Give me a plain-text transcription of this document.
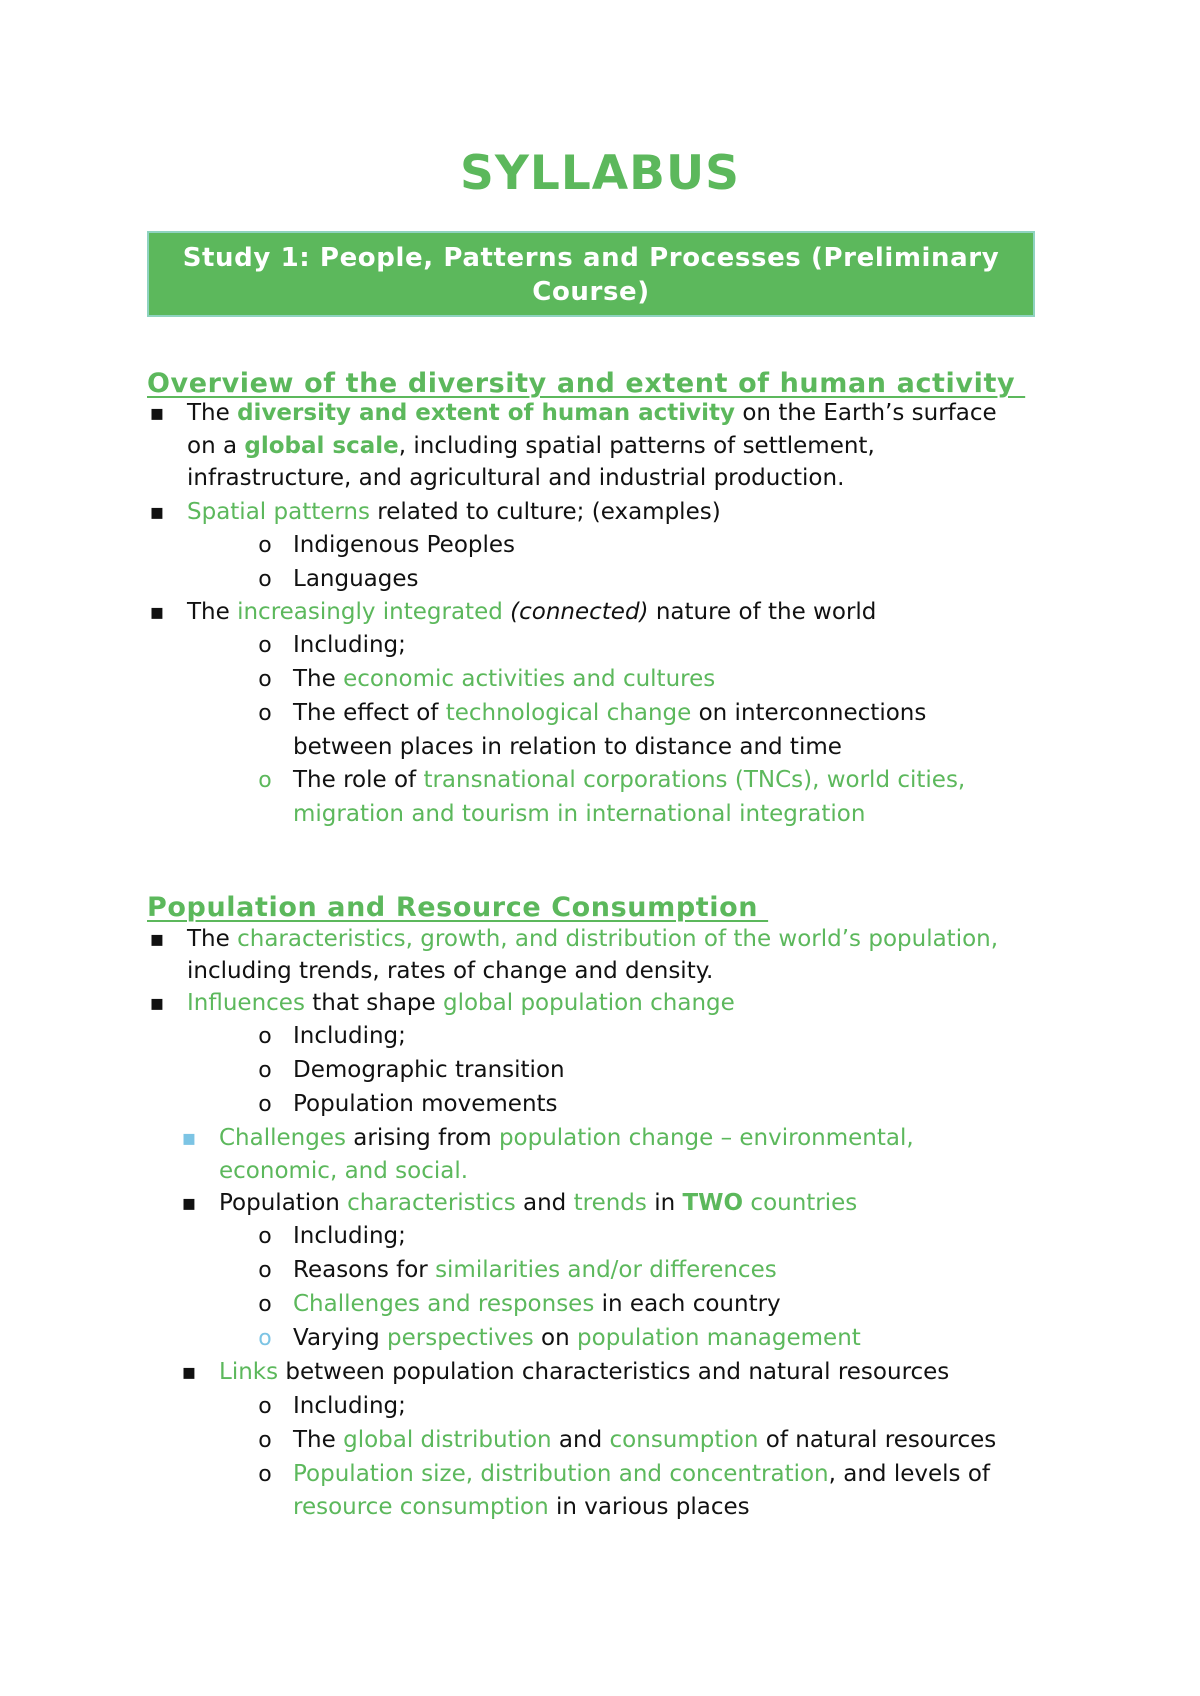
SYLLABUS
Study 1: People, Patterns and Processes (Preliminary Course)
Overview of the diversity and extent of human activity

▪
The diversity and extent of human activity on the Earth’s surface

on a global scale, including spatial patterns of settlement,

infrastructure, and agricultural and industrial production.

▪
Spatial patterns related to culture; (examples)

o Indigenous Peoples

o Languages

▪
The increasingly integrated (connected) nature of the world

o Including;

o The economic activities and cultures

o The effect of technological change on interconnections

between places in relation to distance and time

o The role of transnational corporations (TNCs), world cities,

migration and tourism in international integration

Population and Resource Consumption

▪
The characteristics, growth, and distribution of the world’s population,

including trends, rates of change and density.

▪
Influences that shape global population change

o Including;

o Demographic transition

o Population movements

▪
Challenges arising from population change – environmental,

economic, and social.

▪
Population characteristics and trends in TWO countries

o Including;

o Reasons for similarities and/or differences

o Challenges and responses in each country

o Varying perspectives on population management

▪
Links between population characteristics and natural resources

o Including;

o The global distribution and consumption of natural resources

o Population size, distribution and concentration, and levels of

resource consumption in various places
